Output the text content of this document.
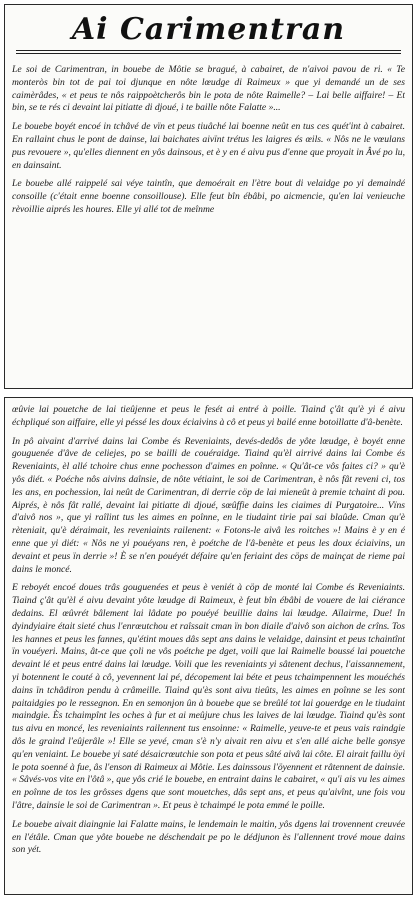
Ai Carimentran

Le soi de Carimentran, in bouebe de Môtie se bragué, à cabairet, de n'aivoi pavou de ri. « Te monteròs bin tot de pai toi djunque en nôte lœudge di Raimeux » que yi demandé un de ses caimèrâdes, « et peus te nôs raippoètcherôs bin le pota de nôte Raimelle? – Lai belle aiffaire! – Et bin, se te rés ci devaint lai pitiatte di djoué, i te baille nôte Falatte »...

Le bouebe boyét encoé in tchâvé de vïn et peus tiuâché lai boenne neût en tus ces quét'int à cabairet. En rallaint chus le pont de dainse, lai baichates aivïnt trétus les laigres és œils. « Nôs ne le vœulans pus revouere », qu'elles diennent en yôs dainsous, et è y en é aivu pus d'enne que proyait in Âvé po lu, en dainsaint.

Le bouebe allé raippelé sai véye taintîn, que demoérait en l'ètre bout di velaidge po yi demaindé consoille (c'était enne boenne consoillouse). Elle feut bîn ébâbi, po aicmencie, qu'en lai venieuche rèvoillie aiprés les houres. Elle yi allé tot de meînme

œûvie lai pouetche de lai tieûjenne et peus le fesét ai entré à poille. Tiaind ç'ât qu'è yi é aivu échpliqué son aiffaire, elle yi péssé les doux éciaivins à cô et peus yi bailé enne botoillatte d'â-benète.

In pô aivaint d'arrivé dains lai Combe és Reveniaints, devés-dedôs de yôte lœudge, è boyét enne gouguenée d'âve de celiejes, po se bailli de couéraidge. Tiaind qu'èl airrivé dains lai Combe és Reveniaints, èl allé tchoire chus enne pochesson d'aimes en poînne. « Qu'ât-ce vôs faites ci? » qu'è yôs diét. « Poéche nôs aivins daînsie, de nôte vétiaint, le soi de Carimentran, è nôs fât reveni ci, tos les ans, en pochession, lai neût de Carimentran, di derrie cöp de lai mieneût à premie tchaint di pou. Aiprés, è nôs fât rallé, devaint lai pitiatte di djoué, sœûffie dains les ciaimes di Purgatoire... Vïns d'aivô nos », que yi raîlint tus les aimes en poînne, en le tiudaint tirie pai sai blaûde. Cman qu'è rèteniait, qu'è déraimait, les reveniaints railenent: « Fotons-le aivâ les roitches »! Mains è y en é enne que yi diét: « Nôs ne yi pouéyans ren, è poétche de l'â-benète et peus les doux éciaivins, un devaint et peus ïn derrie »! È se n'en pouéyét défaire qu'en feriaint des cöps de mainçat de rieme pai dains le moncé.

E reboyét encoé doues trâs gouguenées et peus è veniét à cöp de monté lai Combe és Reveniaints. Tiaind ç'ât qu'èl é aivu devaint yôte lœudge di Raimeux, è feut bîn ébâbi de vouere de lai ciérance dedains. El œûvrét bâlement lai lâdate po pouéyé beuillie dains lai lœudge. Aïlairme, Due! In dyindyiaire était sieté chus l'enrœutchou et raîssait cman ïn bon diaile d'aivô son aichon de crîns. Tos les hannes et peus les fannes, qu'étint moues dâs sept ans dains le velaidge, dainsint et peus tchaintînt ïn vouéyeri. Mains, ât-ce que çoli ne vôs poétche pe dget, voili que lai Raimelle boussé lai pouetche devaint lé et peus entré dains lai lœudge. Voili que les reveniaints yi sâtenent dechus, l'aissannement, yi botennent le couté à cô, yevennent lai pé, décopement lai béte et peus tchaimpennent les mouéchés dains ïn tchâdiron pendu à crâmeille. Tiaind qu'ès sont aivu tieûts, les aimes en poînne se les sont paitaidgies po le ressegnon. En en semonjon ûn à bouebe que se breûlé tot lai gouerdge en le tiudaint maindgie. Ès tchaimpînt les oches à fur et ai meûjure chus les laives de lai lœudge. Tiaind qu'ès sont tus aivu en moncé, les reveniaints railennent tus ensoinne: « Raimelle, yeuve-te et peus vais raindgie dôs le graind l'eûjerâle »! Elle se yevé, cman s'è n'y aivait ren aivu et s'en allé aiche belle gonsye qu'en veniaint. Le bouebe yi saté désaicrœutchie son pota et peus sâté aivâ lai côte. El airait faillu öyi le pota soenné à fue, âs l'enson di Raimeux ai Môtie. Les dainssous l'öyennent et râtennent de dainsie. « Sâvés-vos vite en l'ôtâ », que yôs crié le bouebe, en entraint dains le cabairet, « qu'i ais vu les aimes en poînne de tos les grôsses dgens que sont mouetches, dâs sept ans, et peus qu'aivînt, une fois vou l'âtre, dainsie le soi de Carimentran ». Et peus è tchaimpé le pota emmé le poille.

Le bouebe aivait diaingnie lai Falatte mains, le lendemain le maitin, yôs dgens lai trovennent creuvée en l'étâle. Cman que yôte bouebe ne déschendait pe po le dédjunon ès l'allennent trové moue dains son yét.
